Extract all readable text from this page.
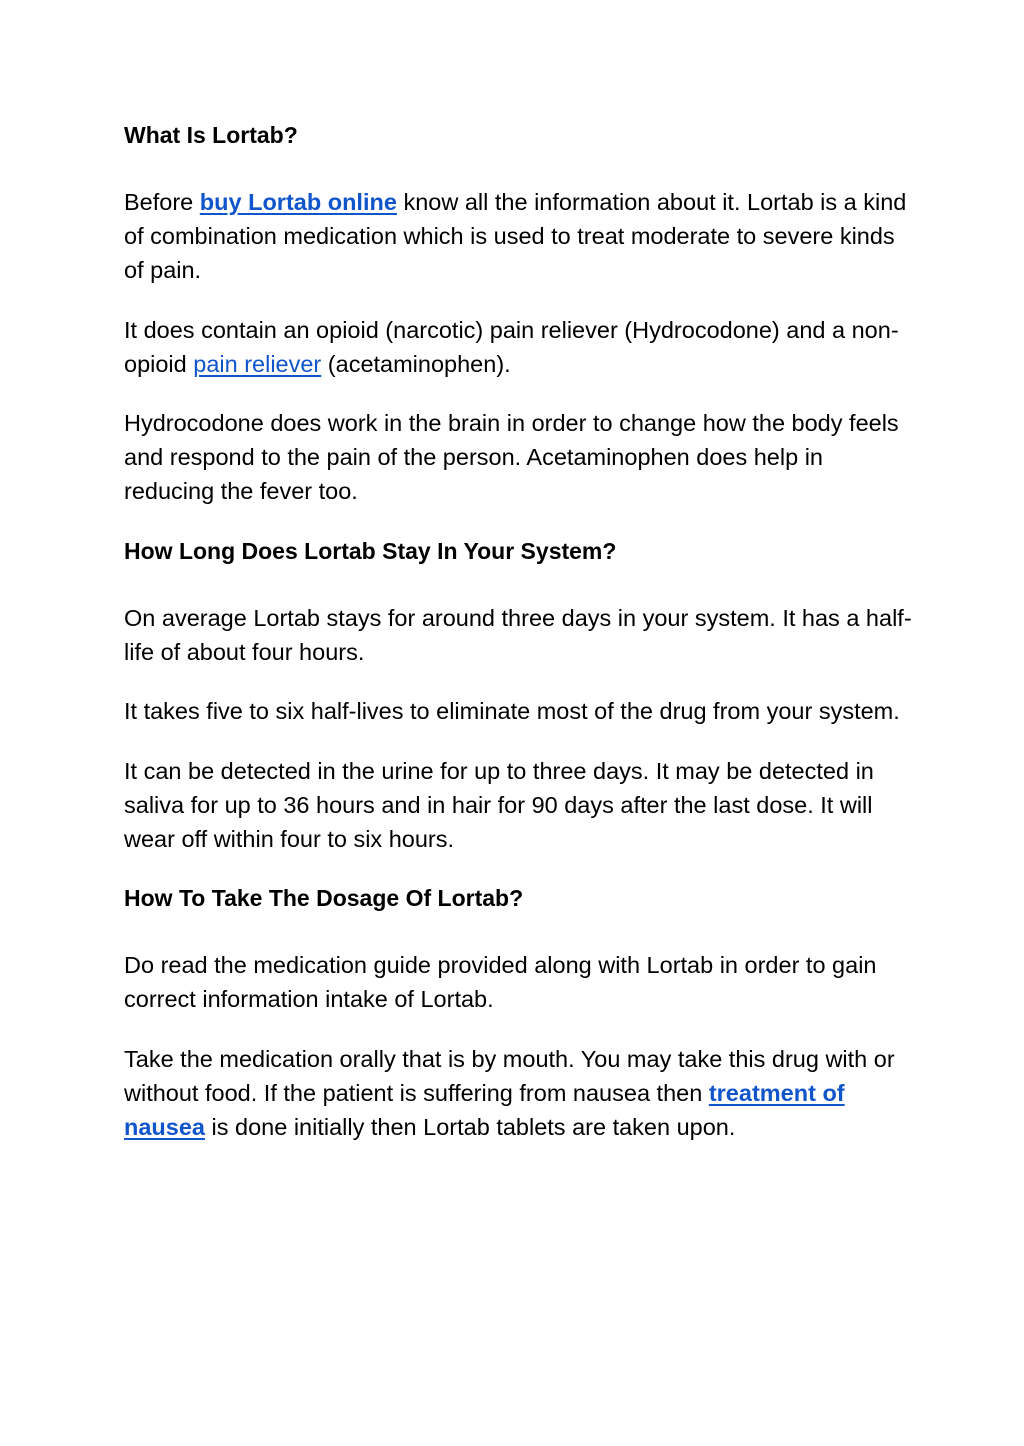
What Is Lortab?

Before buy Lortab online know all the information about it. Lortab is a kind of combination medication which is used to treat moderate to severe kinds of pain.

It does contain an opioid (narcotic) pain reliever (Hydrocodone) and a non-opioid pain reliever (acetaminophen).

Hydrocodone does work in the brain in order to change how the body feels and respond to the pain of the person. Acetaminophen does help in reducing the fever too.

How Long Does Lortab Stay In Your System?

On average Lortab stays for around three days in your system. It has a half-life of about four hours.

It takes five to six half-lives to eliminate most of the drug from your system.

It can be detected in the urine for up to three days. It may be detected in saliva for up to 36 hours and in hair for 90 days after the last dose. It will wear off within four to six hours.

How To Take The Dosage Of Lortab?

Do read the medication guide provided along with Lortab in order to gain correct information intake of Lortab.

Take the medication orally that is by mouth. You may take this drug with or without food. If the patient is suffering from nausea then treatment of nausea is done initially then Lortab tablets are taken upon.
